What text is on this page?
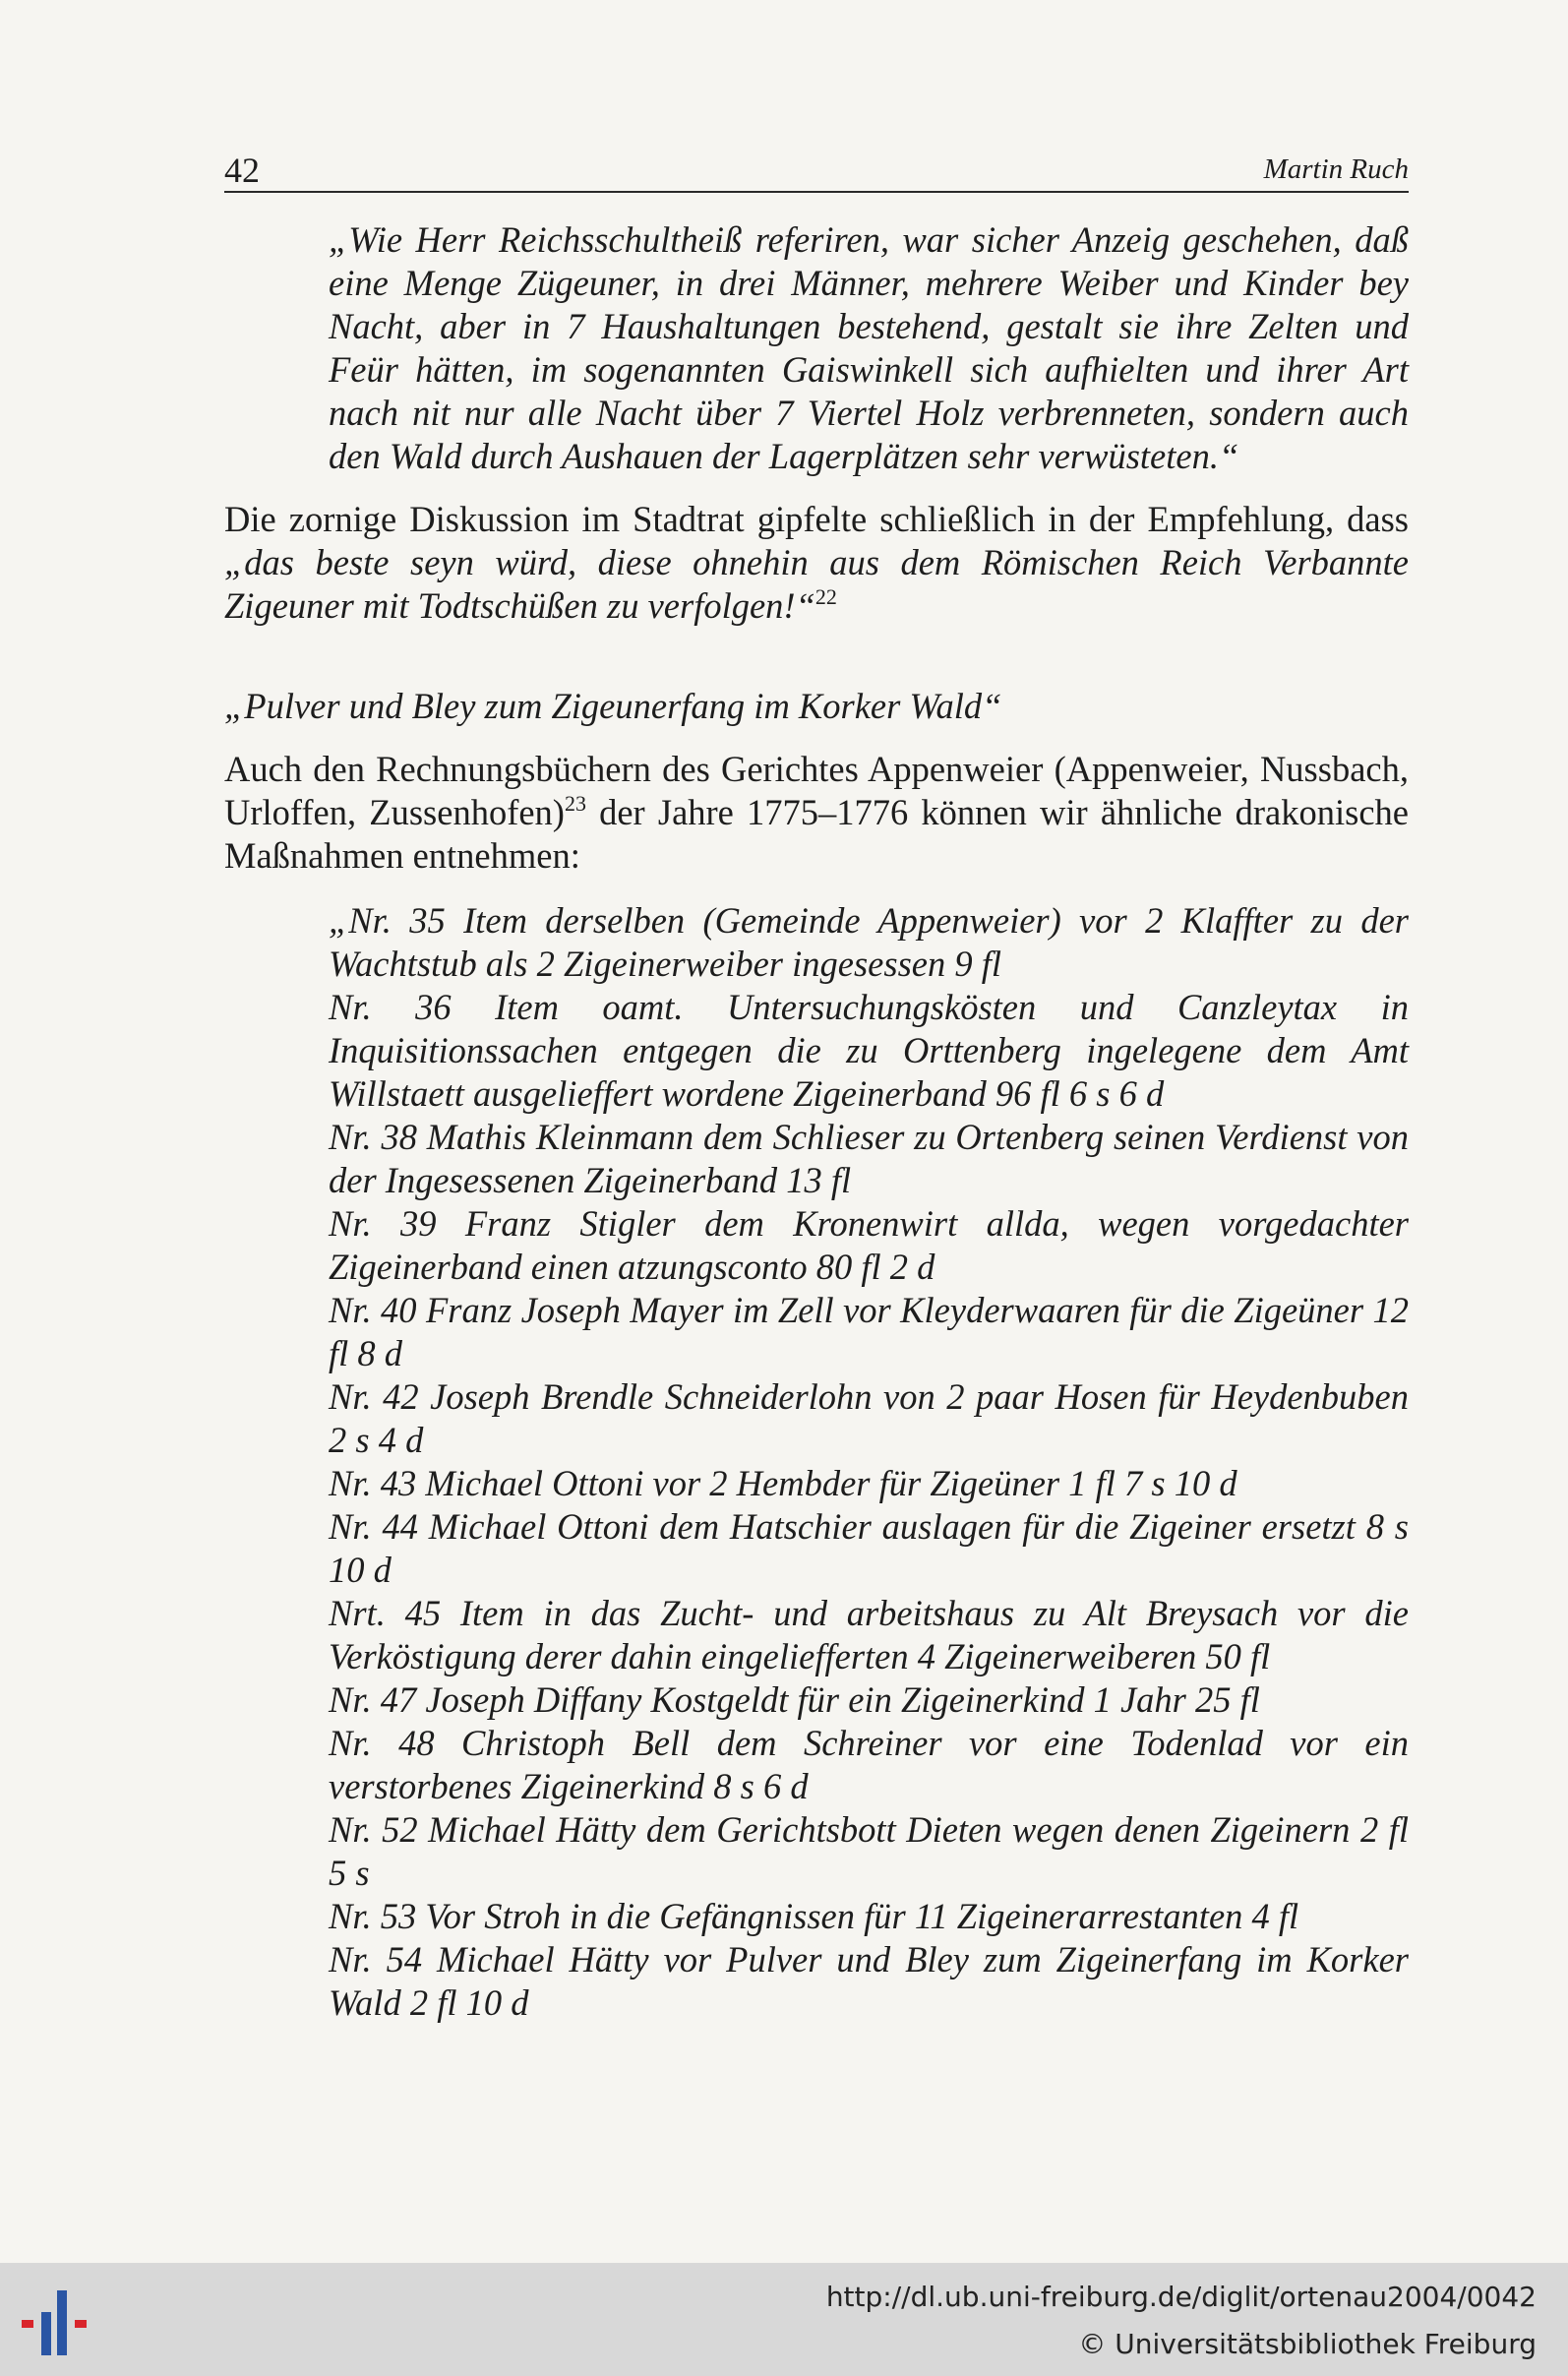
42	Martin Ruch

„Wie Herr Reichsschultheiß referiren, war sicher Anzeig geschehen, daß eine Menge Zügeuner, in drei Männer, mehrere Weiber und Kinder bey Nacht, aber in 7 Haushaltungen bestehend, gestalt sie ihre Zelten und Feür hätten, im sogenannten Gaiswinkell sich aufhielten und ihrer Art nach nit nur alle Nacht über 7 Viertel Holz verbrenneten, sondern auch den Wald durch Aushauen der Lagerplätzen sehr verwüsteten.“

Die zornige Diskussion im Stadtrat gipfelte schließlich in der Empfehlung, dass „das beste seyn würd, diese ohnehin aus dem Römischen Reich Verbannte Zigeuner mit Todtschüßen zu verfolgen!“$^{22}$

„Pulver und Bley zum Zigeunerfang im Korker Wald“

Auch den Rechnungsbüchern des Gerichtes Appenweier (Appenweier, Nussbach, Urloffen, Zussenhofen)$^{23}$ der Jahre 1775–1776 können wir ähnliche drakonische Maßnahmen entnehmen:

„Nr. 35 Item derselben (Gemeinde Appenweier) vor 2 Klaffter zu der Wachtstub als 2 Zigeinerweiber ingesessen 9 fl

Nr. 36 Item oamt. Untersuchungskösten und Canzleytax in Inquisitionssachen entgegen die zu Orttenberg ingelegene dem Amt Willstaett ausgelieffert wordene Zigeinerband 96 fl 6 s 6 d

Nr. 38 Mathis Kleinmann dem Schlieser zu Ortenberg seinen Verdienst von der Ingesessenen Zigeinerband 13 fl

Nr. 39 Franz Stigler dem Kronenwirt allda, wegen vorgedachter Zigeinerband einen atzungsconto 80 fl 2 d

Nr. 40 Franz Joseph Mayer im Zell vor Kleyderwaaren für die Zigeüner 12 fl 8 d

Nr. 42 Joseph Brendle Schneiderlohn von 2 paar Hosen für Heydenbuben 2 s 4 d

Nr. 43 Michael Ottoni vor 2 Hembder für Zigeüner 1 fl 7 s 10 d

Nr. 44 Michael Ottoni dem Hatschier auslagen für die Zigeiner ersetzt 8 s 10 d

Nrt. 45 Item in das Zucht- und arbeitshaus zu Alt Breysach vor die Verköstigung derer dahin eingeliefferten 4 Zigeinerweiberen 50 fl

Nr. 47 Joseph Diffany Kostgeldt für ein Zigeinerkind 1 Jahr 25 fl

Nr. 48 Christoph Bell dem Schreiner vor eine Todenlad vor ein verstorbenes Zigeinerkind 8 s 6 d

Nr. 52 Michael Hätty dem Gerichtsbott Dieten wegen denen Zigeinern 2 fl 5 s

Nr. 53 Vor Stroh in die Gefängnissen für 11 Zigeinerarrestanten 4 fl

Nr. 54 Michael Hätty vor Pulver und Bley zum Zigeinerfang im Korker Wald 2 fl 10 d

http://dl.ub.uni-freiburg.de/diglit/ortenau2004/0042
© Universitätsbibliothek Freiburg
